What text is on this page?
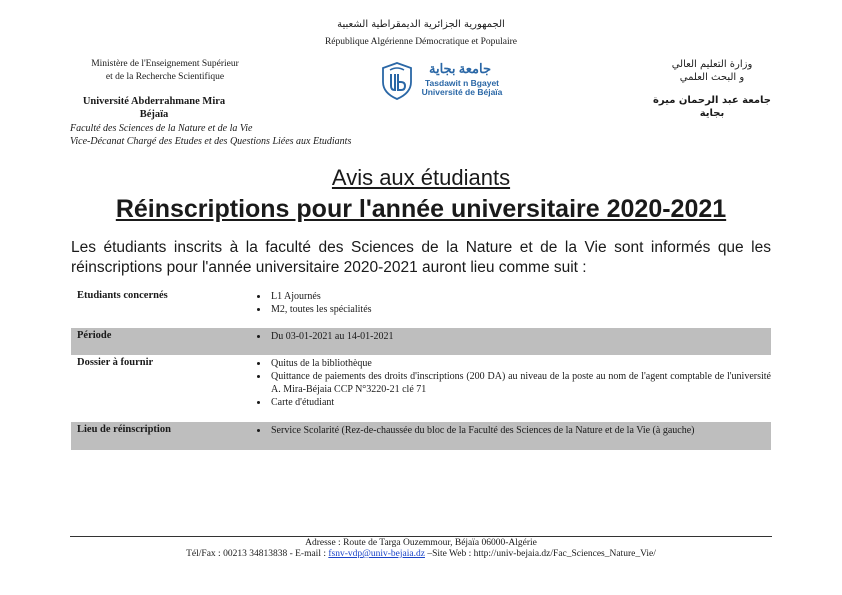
الجمهورية الجزائرية الديمقراطية الشعبية
République Algérienne Démocratique et Populaire
Ministère de l'Enseignement Supérieur
et de la Recherche Scientifique
Université Abderrahmane Mira
Béjaïa
Faculté des Sciences de la Nature et de la Vie
Vice-Décanat Chargé des Etudes et des Questions Liées aux Etudiants
وزارة التعليم العالي
و البحث العلمي
جامعة عبد الرحمان ميرة
بجاية
جامعة بجاية
Tasdawit n Bgayet
Université de Béjaïa
Avis aux étudiants
Réinscriptions pour l'année universitaire 2020-2021
Les étudiants inscrits à la faculté des Sciences de la Nature et de la Vie sont informés que les réinscriptions pour l'année universitaire 2020-2021 auront lieu comme suit :
Etudiants concernés	• L1 Ajournés
• M2, toutes les spécialités
Période	• Du 03-01-2021 au 14-01-2021
Dossier à fournir	• Quitus de la bibliothèque
• Quittance de paiements des droits d'inscriptions (200 DA) au niveau de la poste au nom de l'agent comptable de l'université A. Mira-Béjaia CCP N°3220-21 clé 71
• Carte d'étudiant
Lieu de réinscription	• Service Scolarité (Rez-de-chaussée du bloc de la Faculté des Sciences de la Nature et de la Vie (à gauche)
Adresse : Route de Targa Ouzemmour, Béjaïa 06000-Algérie
Tél/Fax : 00213 34813838 - E-mail : fsnv-vdp@univ-bejaia.dz –Site Web : http://univ-bejaia.dz/Fac_Sciences_Nature_Vie/
